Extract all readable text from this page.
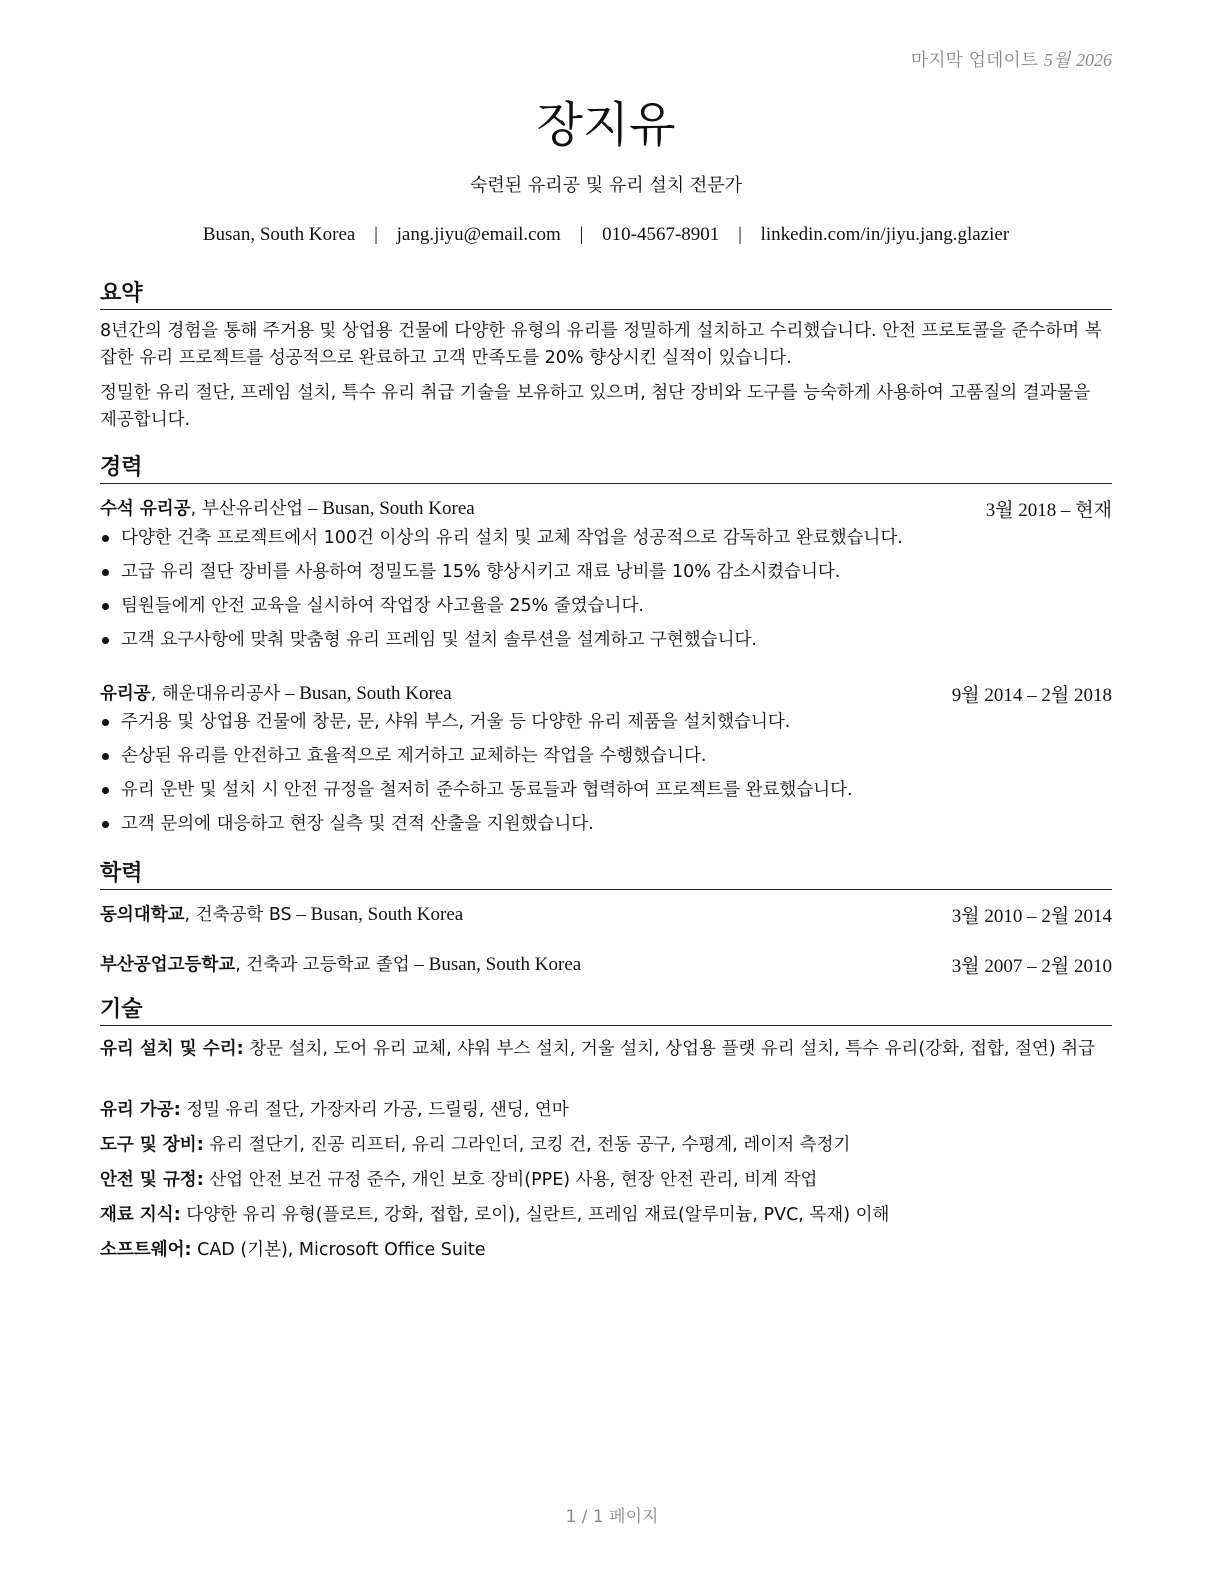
마지막 업데이트 5월 2026
장지유
숙련된 유리공 및 유리 설치 전문가
Busan, South Korea | jang.jiyu@email.com | 010-4567-8901 | linkedin.com/in/jiyu.jang.glazier
요약
8년간의 경험을 통해 주거용 및 상업용 건물에 다양한 유형의 유리를 정밀하게 설치하고 수리했습니다. 안전 프로토콜을 준수하며 복잡한 유리 프로젝트를 성공적으로 완료하고 고객 만족도를 20% 향상시킨 실적이 있습니다.
정밀한 유리 절단, 프레임 설치, 특수 유리 취급 기술을 보유하고 있으며, 첨단 장비와 도구를 능숙하게 사용하여 고품질의 결과물을 제공합니다.
경력
수석 유리공, 부산유리산업 – Busan, South Korea	3월 2018 – 현재
다양한 건축 프로젝트에서 100건 이상의 유리 설치 및 교체 작업을 성공적으로 감독하고 완료했습니다.
고급 유리 절단 장비를 사용하여 정밀도를 15% 향상시키고 재료 낭비를 10% 감소시켰습니다.
팀원들에게 안전 교육을 실시하여 작업장 사고율을 25% 줄였습니다.
고객 요구사항에 맞춰 맞춤형 유리 프레임 및 설치 솔루션을 설계하고 구현했습니다.
유리공, 해운대유리공사 – Busan, South Korea	9월 2014 – 2월 2018
주거용 및 상업용 건물에 창문, 문, 샤워 부스, 거울 등 다양한 유리 제품을 설치했습니다.
손상된 유리를 안전하고 효율적으로 제거하고 교체하는 작업을 수행했습니다.
유리 운반 및 설치 시 안전 규정을 철저히 준수하고 동료들과 협력하여 프로젝트를 완료했습니다.
고객 문의에 대응하고 현장 실측 및 견적 산출을 지원했습니다.
학력
동의대학교, 건축공학 BS – Busan, South Korea	3월 2010 – 2월 2014
부산공업고등학교, 건축과 고등학교 졸업 – Busan, South Korea	3월 2007 – 2월 2010
기술
유리 설치 및 수리: 창문 설치, 도어 유리 교체, 샤워 부스 설치, 거울 설치, 상업용 플랫 유리 설치, 특수 유리(강화, 접합, 절연) 취급
유리 가공: 정밀 유리 절단, 가장자리 가공, 드릴링, 샌딩, 연마
도구 및 장비: 유리 절단기, 진공 리프터, 유리 그라인더, 코킹 건, 전동 공구, 수평계, 레이저 측정기
안전 및 규정: 산업 안전 보건 규정 준수, 개인 보호 장비(PPE) 사용, 현장 안전 관리, 비계 작업
재료 지식: 다양한 유리 유형(플로트, 강화, 접합, 로이), 실란트, 프레임 재료(알루미늄, PVC, 목재) 이해
소프트웨어: CAD (기본), Microsoft Office Suite
1 / 1 페이지
